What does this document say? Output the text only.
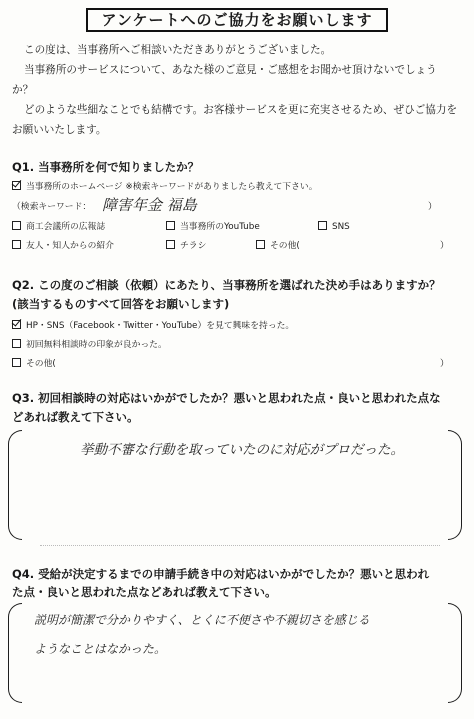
アンケートへのご協力をお願いします
この度は、当事務所へご相談いただきありがとうございました。
当事務所のサービスについて、あなた様のご意見・ご感想をお聞かせ頂けないでしょう
か？
どのような些細なことでも結構です。お客様サービスを更に充実させるため、ぜひご協力を
お願いいたします。
Q1. 当事務所を何で知りましたか？
当事務所のホームページ ※検索キーワードがありましたら教えて下さい。
（検索キーワード： 障害年金 福島	）
商工会議所の広報誌	当事務所のYouTube	SNS
友人・知人からの紹介	チラシ	その他(	）
Q2. この度のご相談（依頼）にあたり、当事務所を選ばれた決め手はありますか？
(該当するものすべて回答をお願いします)
HP・SNS（Facebook・Twitter・YouTube）を見て興味を持った。
初回無料相談時の印象が良かった。
その他(	）
Q3. 初回相談時の対応はいかがでしたか？悪いと思われた点・良いと思われた点な
どあれば教えて下さい。
挙動不審な行動を取っていたのに対応がプロだった。
Q4. 受給が決定するまでの申請手続き中の対応はいかがでしたか？悪いと思われ
た点・良いと思われた点などあれば教えて下さい。
説明が簡潔で分かりやすく、とくに不便さや不親切さを感じる
ようなことはなかった。
